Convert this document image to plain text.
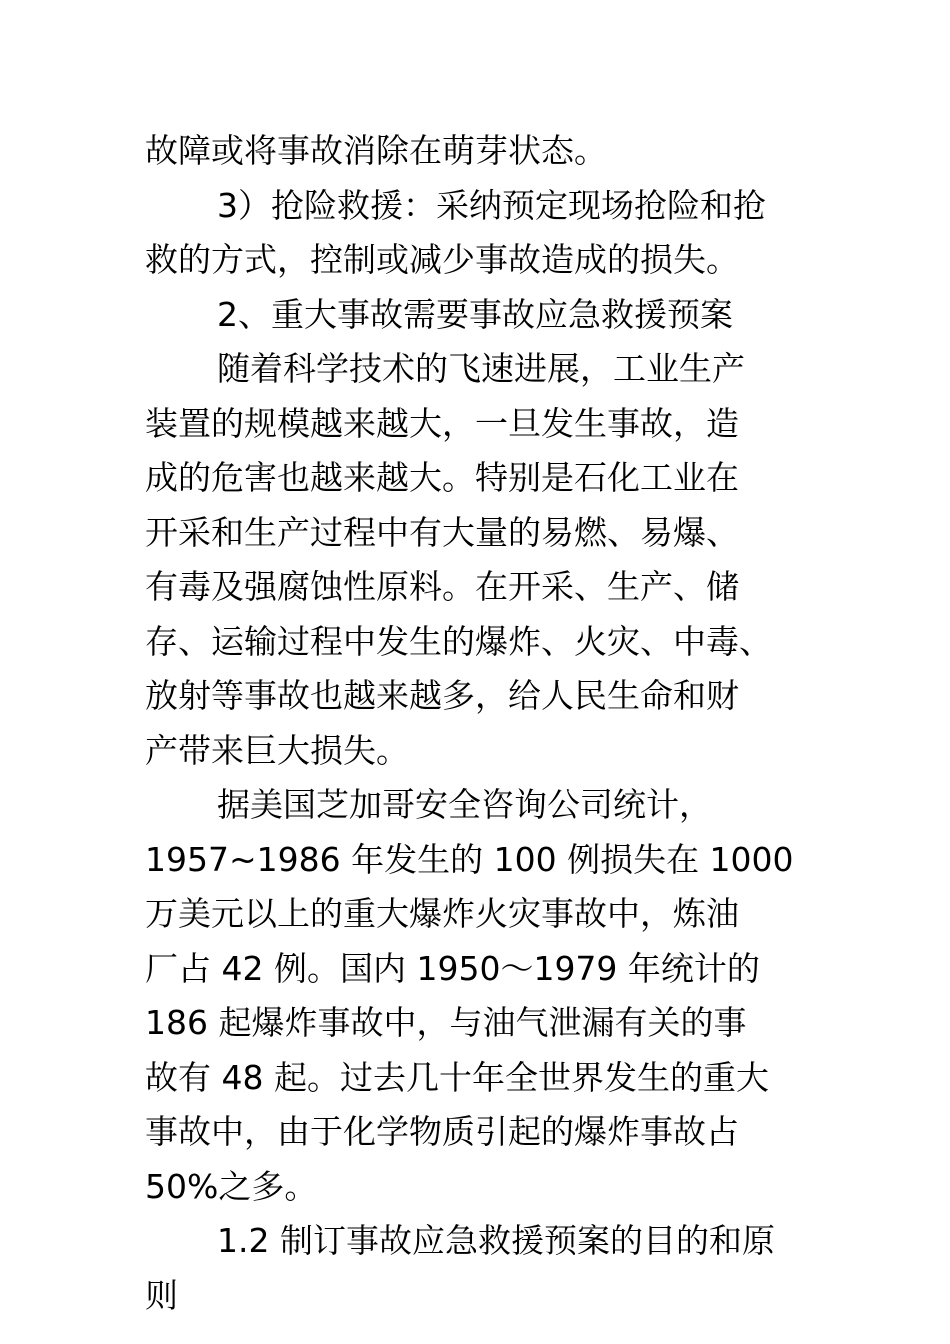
故障或将事故消除在萌芽状态。
3）抢险救援：采纳预定现场抢险和抢
救的方式，控制或减少事故造成的损失。
2、重大事故需要事故应急救援预案
随着科学技术的飞速进展，工业生产
装置的规模越来越大，一旦发生事故，造
成的危害也越来越大。特别是石化工业在
开采和生产过程中有大量的易燃、易爆、
有毒及强腐蚀性原料。在开采、生产、储
存、运输过程中发生的爆炸、火灾、中毒、
放射等事故也越来越多，给人民生命和财
产带来巨大损失。
据美国芝加哥安全咨询公司统计，
1957~1986 年发生的 100 例损失在 1000
万美元以上的重大爆炸火灾事故中，炼油
厂占 42 例。国内 1950～1979 年统计的
186 起爆炸事故中，与油气泄漏有关的事
故有 48 起。过去几十年全世界发生的重大
事故中，由于化学物质引起的爆炸事故占
50%之多。
1.2 制订事故应急救援预案的目的和原
则
